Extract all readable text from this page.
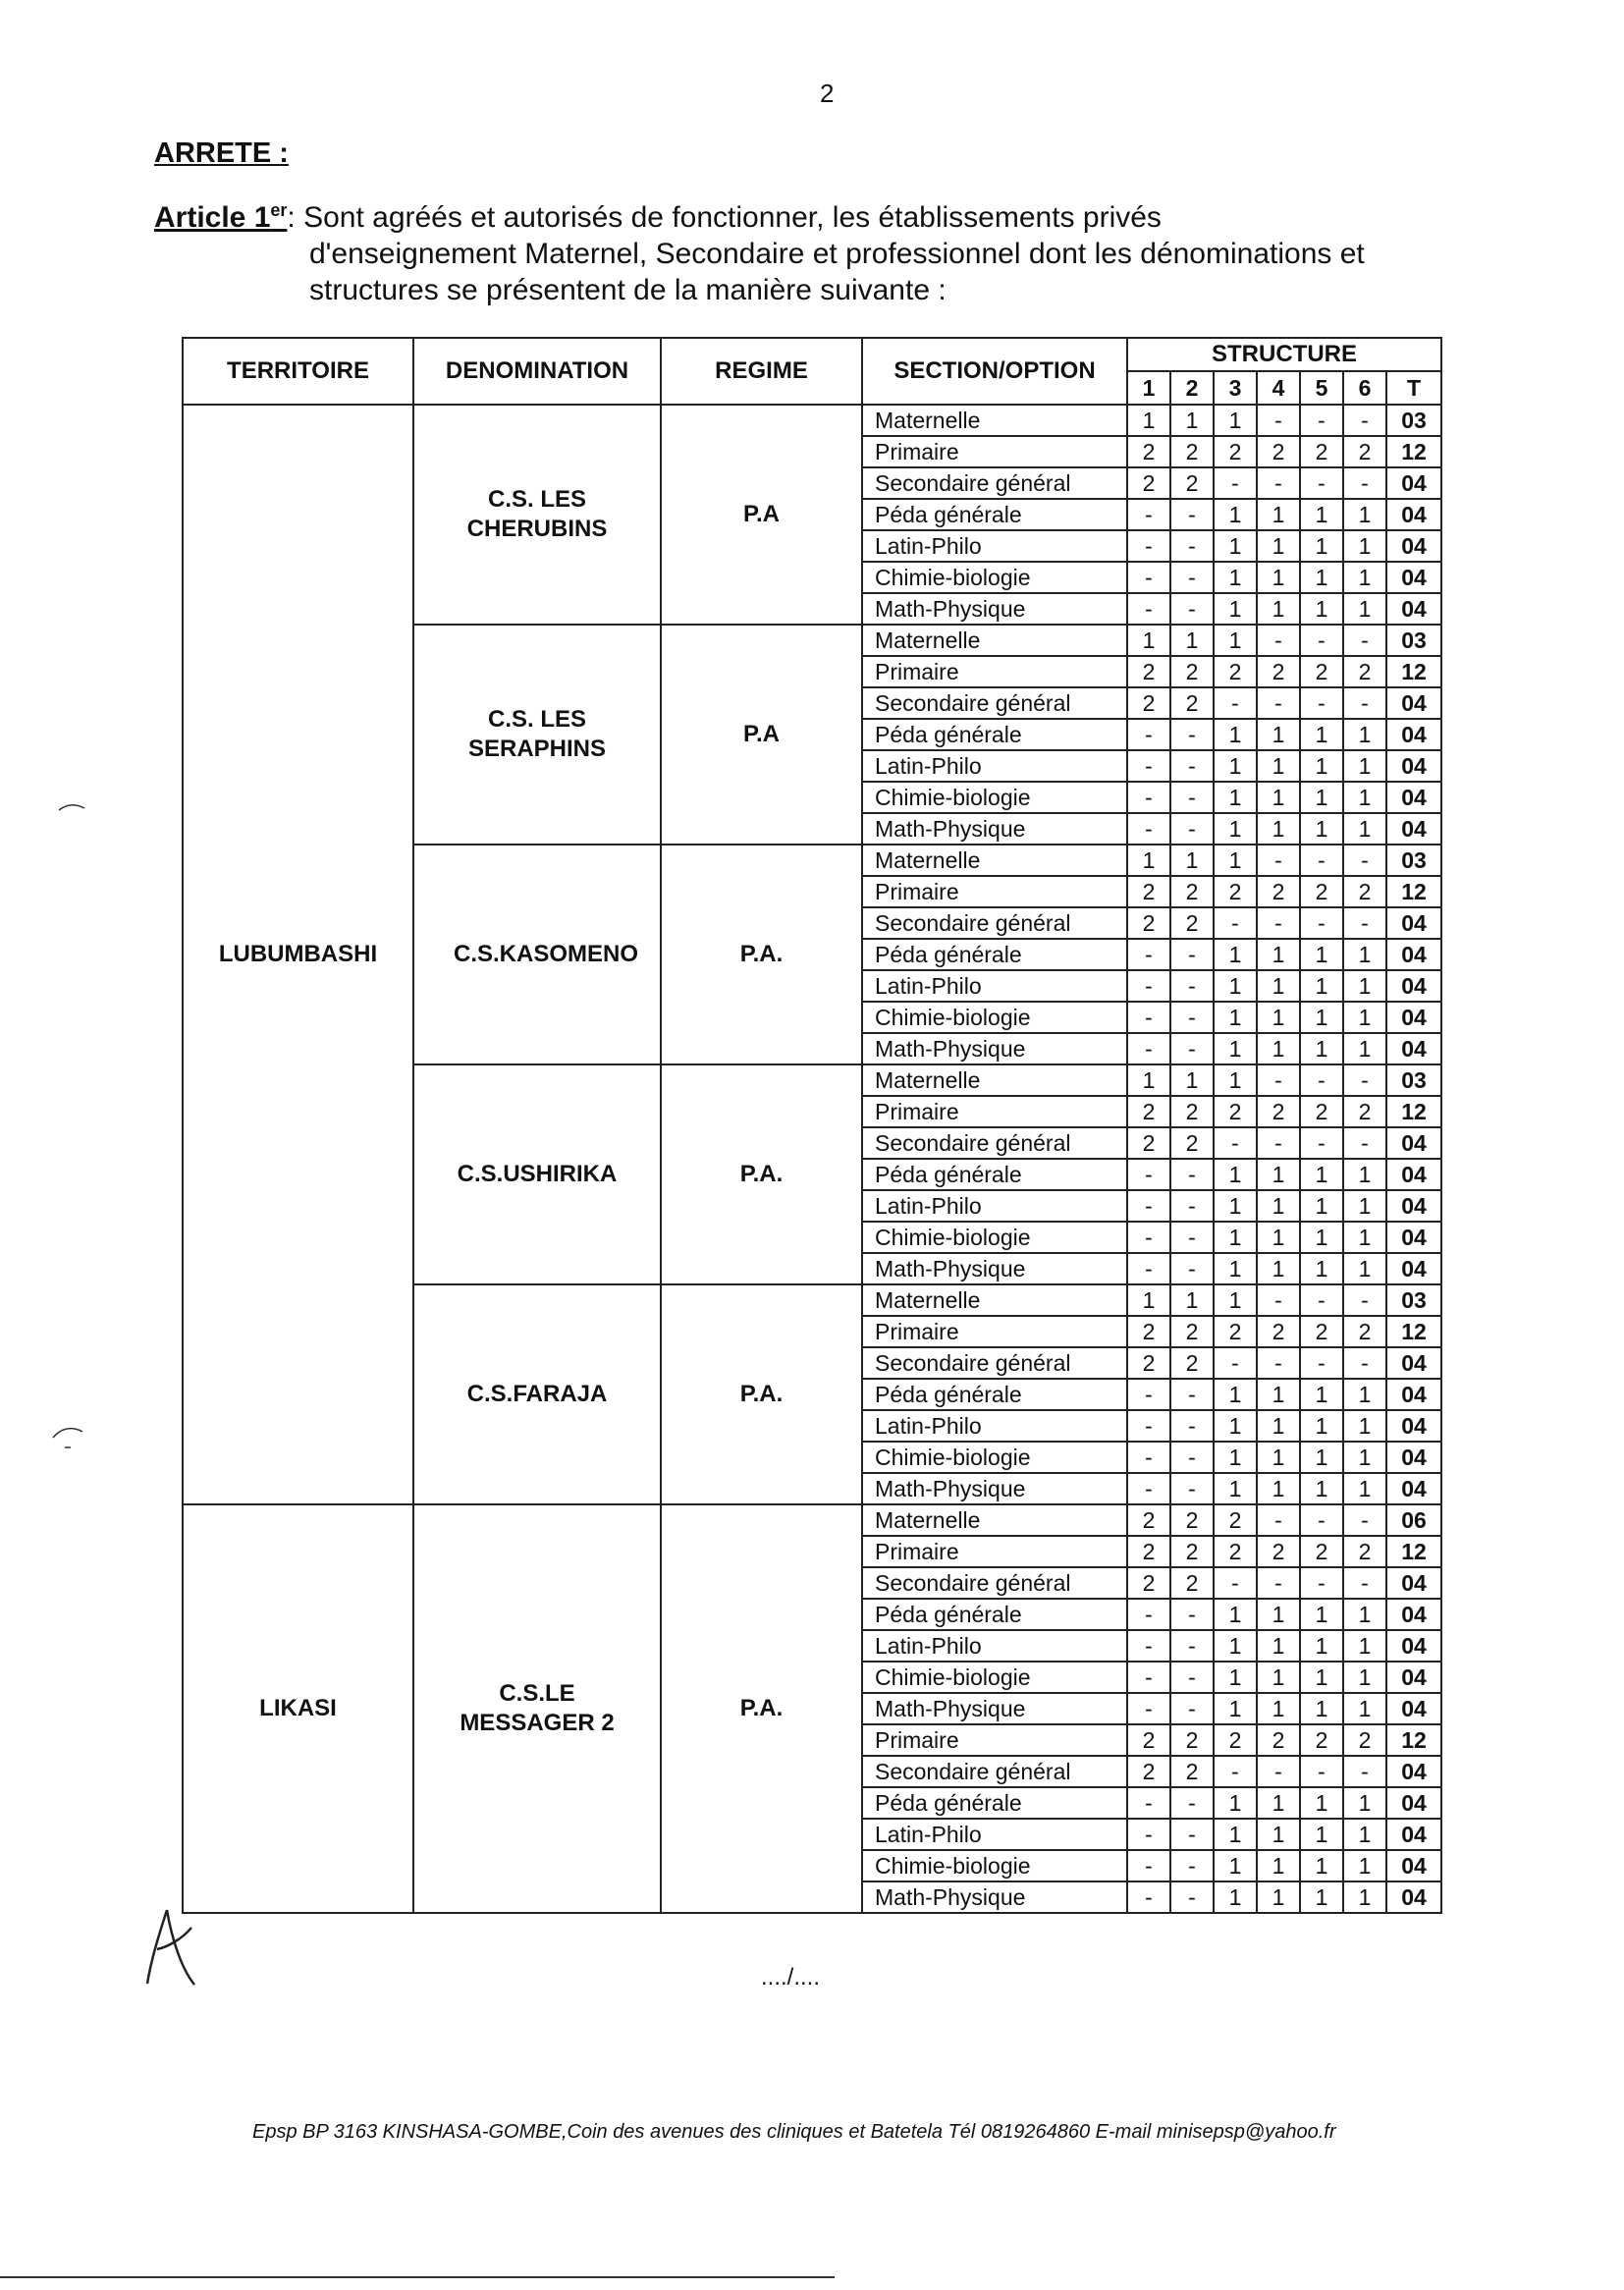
2
ARRETE :
Article 1er: Sont agréés et autorisés de fonctionner, les établissements privés
d'enseignement Maternel, Secondaire et professionnel dont les dénominations et
structures se présentent de la manière suivante :
TERRITOIRE	DENOMINATION	REGIME	SECTION/OPTION	STRUCTURE						
				1	2	3	4	5	6	T
LUBUMBASHI	C.S. LES CHERUBINS	P.A	Maternelle	1	1	1	-	-	-	03
			Primaire	2	2	2	2	2	2	12
			Secondaire général	2	2	-	-	-	-	04
			Péda générale	-	-	1	1	1	1	04
			Latin-Philo	-	-	1	1	1	1	04
			Chimie-biologie	-	-	1	1	1	1	04
			Math-Physique	-	-	1	1	1	1	04

	C.S. LES SERAPHINS	P.A	Maternelle	1	1	1	-	-	-	03
			Primaire	2	2	2	2	2	2	12
			Secondaire général	2	2	-	-	-	-	04
			Péda générale	-	-	1	1	1	1	04
			Latin-Philo	-	-	1	1	1	1	04
			Chimie-biologie	-	-	1	1	1	1	04
			Math-Physique	-	-	1	1	1	1	04

	C.S.KASOMENO	P.A.	Maternelle	1	1	1	-	-	-	03
			Primaire	2	2	2	2	2	2	12
			Secondaire général	2	2	-	-	-	-	04
			Péda générale	-	-	1	1	1	1	04
			Latin-Philo	-	-	1	1	1	1	04
			Chimie-biologie	-	-	1	1	1	1	04
			Math-Physique	-	-	1	1	1	1	04

	C.S.USHIRIKA	P.A.	Maternelle	1	1	1	-	-	-	03
			Primaire	2	2	2	2	2	2	12
			Secondaire général	2	2	-	-	-	-	04
			Péda générale	-	-	1	1	1	1	04
			Latin-Philo	-	-	1	1	1	1	04
			Chimie-biologie	-	-	1	1	1	1	04
			Math-Physique	-	-	1	1	1	1	04

	C.S.FARAJA	P.A.	Maternelle	1	1	1	-	-	-	03
			Primaire	2	2	2	2	2	2	12
			Secondaire général	2	2	-	-	-	-	04
			Péda générale	-	-	1	1	1	1	04
			Latin-Philo	-	-	1	1	1	1	04
			Chimie-biologie	-	-	1	1	1	1	04
			Math-Physique	-	-	1	1	1	1	04
LIKASI	C.S.LE MESSAGER 2	P.A.	Maternelle	2	2	2	-	-	-	06
			Primaire	2	2	2	2	2	2	12
			Secondaire général	2	2	-	-	-	-	04
			Péda générale	-	-	1	1	1	1	04
			Latin-Philo	-	-	1	1	1	1	04
			Chimie-biologie	-	-	1	1	1	1	04
			Math-Physique	-	-	1	1	1	1	04
			Primaire	2	2	2	2	2	2	12
			Secondaire général	2	2	-	-	-	-	04
			Péda générale	-	-	1	1	1	1	04
			Latin-Philo	-	-	1	1	1	1	04
			Chimie-biologie	-	-	1	1	1	1	04
			Math-Physique	-	-	1	1	1	1	04
..../....
Epsp BP 3163 KINSHASA-GOMBE,Coin des avenues des cliniques et Batetela Tél 0819264860 E-mail minisepsp@yahoo.fr
